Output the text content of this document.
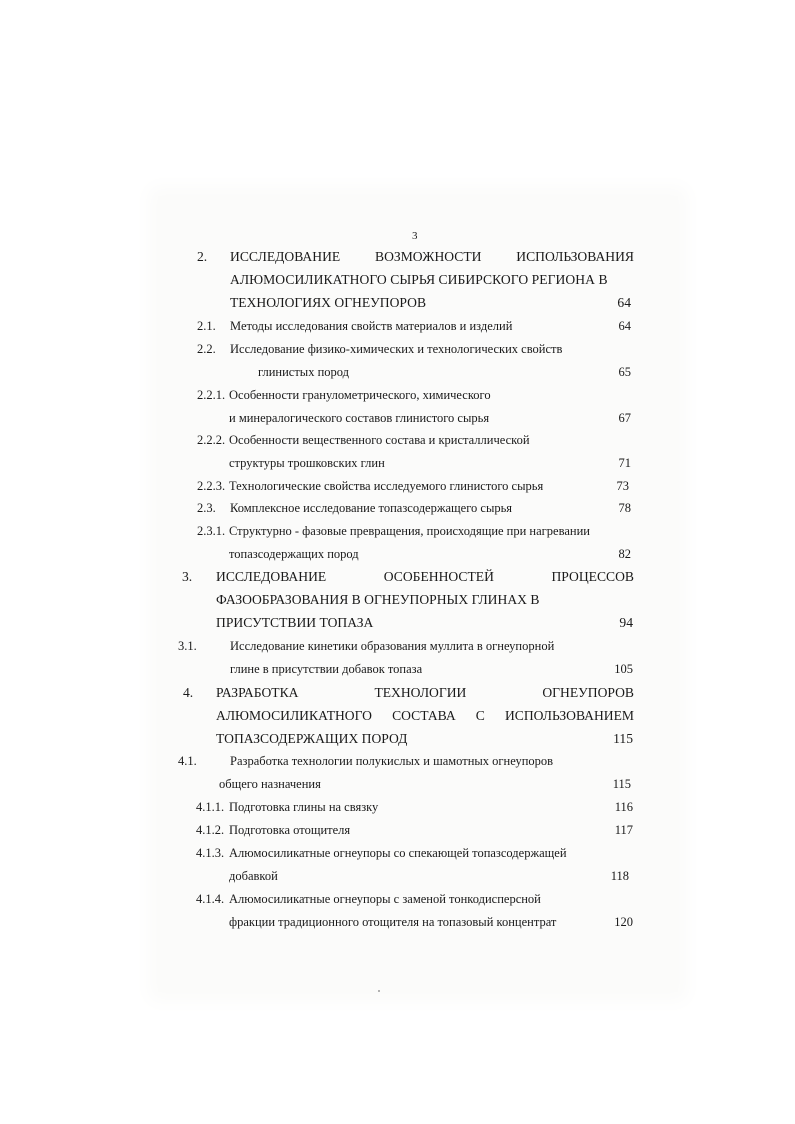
3
2. ИССЛЕДОВАНИЕ	ВОЗМОЖНОСТИ	ИСПОЛЬЗОВАНИЯ
АЛЮМОСИЛИКАТНОГО СЫРЬЯ СИБИРСКОГО РЕГИОНА В
ТЕХНОЛОГИЯХ ОГНЕУПОРОВ	64
2.1. Методы исследования свойств материалов и изделий	64
2.2. Исследование физико-химических и технологических свойств
глинистых пород	65
2.2.1. Особенности гранулометрического, химического
и минералогического составов глинистого сырья	67
2.2.2. Особенности вещественного состава и кристаллической
структуры трошковских глин	71
2.2.3. Технологические свойства исследуемого глинистого сырья	73
2.3. Комплексное исследование топазсодержащего сырья	78
2.3.1. Структурно - фазовые превращения, происходящие при нагревании
топазсодержащих пород	82
3. ИССЛЕДОВАНИЕ	ОСОБЕННОСТЕЙ	ПРОЦЕССОВ
ФАЗООБРАЗОВАНИЯ В ОГНЕУПОРНЫХ ГЛИНАХ В
ПРИСУТСТВИИ ТОПАЗА	94
3.1.	Исследование кинетики образования муллита в огнеупорной
глине в присутствии добавок топаза	105
4. РАЗРАБОТКА	ТЕХНОЛОГИИ	ОГНЕУПОРОВ
АЛЮМОСИЛИКАТНОГО СОСТАВА С ИСПОЛЬЗОВАНИЕМ
ТОПАЗСОДЕРЖАЩИХ ПОРОД	115
4.1.	Разработка технологии полукислых и шамотных огнеупоров
общего назначения	115
4.1.1. Подготовка глины на связку	116
4.1.2. Подготовка отощителя	117
4.1.3. Алюмосиликатные огнеупоры со спекающей топазсодержащей
добавкой	118
4.1.4. Алюмосиликатные огнеупоры с заменой тонкодисперсной
фракции традиционного отощителя на топазовый концентрат	120
